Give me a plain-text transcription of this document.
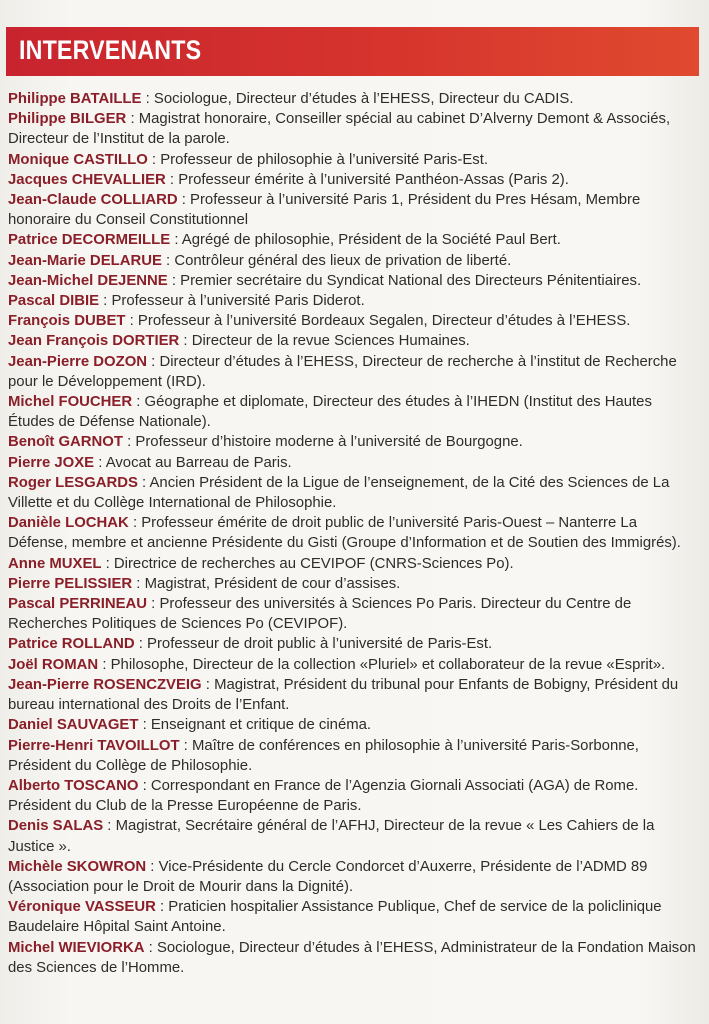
INTERVENANTS
Philippe BATAILLE : Sociologue, Directeur d’études à l’EHESS, Directeur du CADIS.
Philippe BILGER : Magistrat honoraire, Conseiller spécial au cabinet D’Alverny Demont & Associés, Directeur de l’Institut de la parole.
Monique CASTILLO : Professeur de philosophie à l’université Paris-Est.
Jacques CHEVALLIER : Professeur émérite à l’université Panthéon-Assas (Paris 2).
Jean-Claude COLLIARD : Professeur à l’université Paris 1, Président du Pres Hésam, Membre honoraire du Conseil Constitutionnel
Patrice DECORMEILLE : Agrégé de philosophie, Président de la Société Paul Bert.
Jean-Marie DELARUE : Contrôleur général des lieux de privation de liberté.
Jean-Michel DEJENNE : Premier secrétaire du Syndicat National des Directeurs Pénitentiaires.
Pascal DIBIE : Professeur à l’université Paris Diderot.
François DUBET : Professeur à l’université Bordeaux Segalen, Directeur d’études à l’EHESS.
Jean François DORTIER : Directeur de la revue Sciences Humaines.
Jean-Pierre DOZON : Directeur d’études à l’EHESS, Directeur de recherche à l’institut de Recherche pour le Développement (IRD).
Michel FOUCHER : Géographe et diplomate, Directeur des études à l’IHEDN (Institut des Hautes Études de Défense Nationale).
Benoît GARNOT : Professeur d’histoire moderne à l’université de Bourgogne.
Pierre JOXE : Avocat au Barreau de Paris.
Roger LESGARDS : Ancien Président de la Ligue de l’enseignement, de la Cité des Sciences de La Villette et du Collège International de Philosophie.
Danièle LOCHAK : Professeur émérite de droit public de l’université Paris-Ouest – Nanterre La Défense, membre et ancienne Présidente du Gisti (Groupe d’Information et de Soutien des Immigrés).
Anne MUXEL : Directrice de recherches au CEVIPOF (CNRS-Sciences Po).
Pierre PELISSIER : Magistrat, Président de cour d’assises.
Pascal PERRINEAU : Professeur des universités à Sciences Po Paris. Directeur du Centre de Recherches Politiques de Sciences Po (CEVIPOF).
Patrice ROLLAND : Professeur de droit public à l’université de Paris-Est.
Joël ROMAN : Philosophe, Directeur de la collection «Pluriel» et collaborateur de la revue «Esprit».
Jean-Pierre ROSENCZVEIG : Magistrat, Président du tribunal pour Enfants de Bobigny, Président du bureau international des Droits de l’Enfant.
Daniel SAUVAGET : Enseignant et critique de cinéma.
Pierre-Henri TAVOILLOT : Maître de conférences en philosophie à l’université Paris-Sorbonne, Président du Collège de Philosophie.
Alberto TOSCANO : Correspondant en France de l’Agenzia Giornali Associati (AGA) de Rome. Président du Club de la Presse Européenne de Paris.
Denis SALAS : Magistrat, Secrétaire général de l’AFHJ, Directeur de la revue « Les Cahiers de la Justice ».
Michèle SKOWRON : Vice-Présidente du Cercle Condorcet d’Auxerre, Présidente de l’ADMD 89 (Association pour le Droit de Mourir dans la Dignité).
Véronique VASSEUR : Praticien hospitalier Assistance Publique, Chef de service de la policlinique Baudelaire Hôpital Saint Antoine.
Michel WIEVIORKA : Sociologue, Directeur d’études à l’EHESS, Administrateur de la Fondation Maison des Sciences de l’Homme.
